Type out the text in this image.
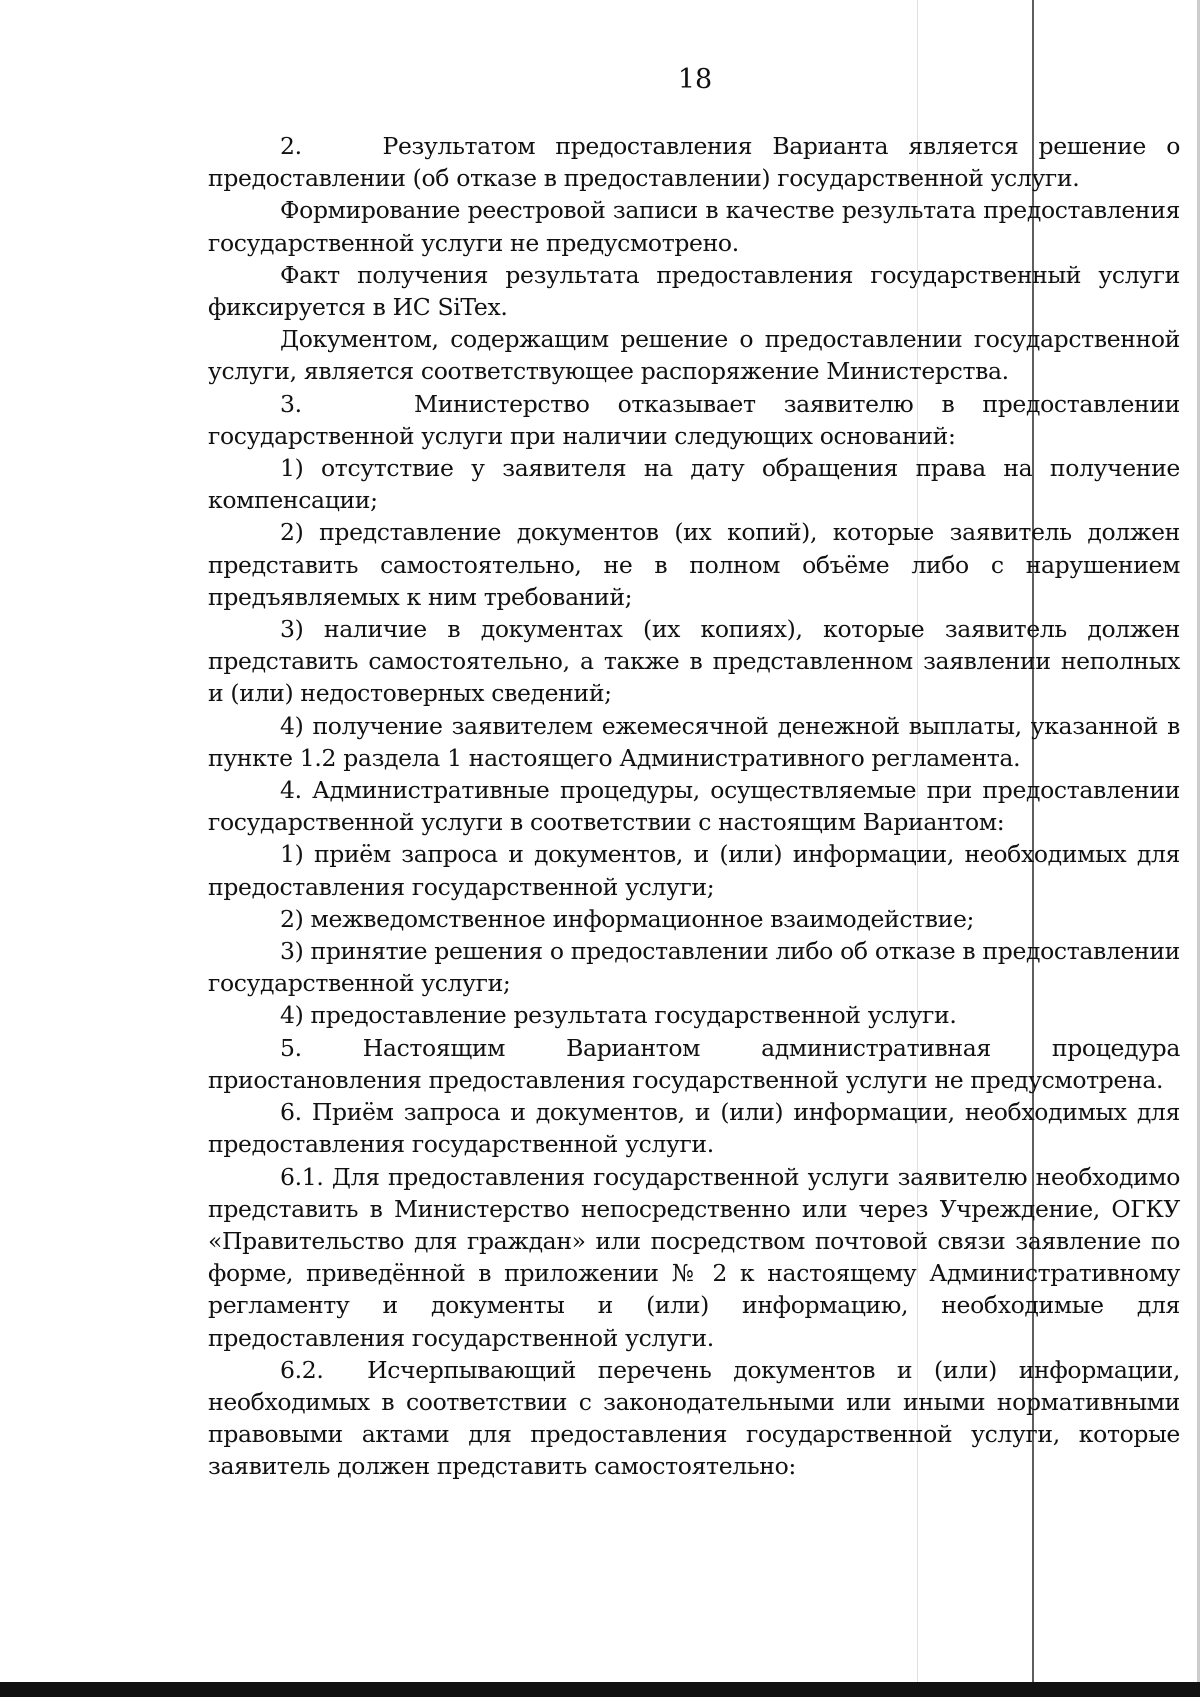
18

2.    Результатом предоставления Варианта является решение о предоставлении (об отказе в предоставлении) государственной услуги.

Формирование реестровой записи в качестве результата предоставления государственной услуги не предусмотрено.

Факт получения результата предоставления государственный услуги фиксируется в ИС SiTex.

Документом, содержащим решение о предоставлении государственной услуги, является соответствующее распоряжение Министерства.

3.    Министерство отказывает заявителю в предоставлении государственной услуги при наличии следующих оснований:

1) отсутствие у заявителя на дату обращения права на получение компенсации;

2) представление документов (их копий), которые заявитель должен представить самостоятельно, не в полном объёме либо с нарушением предъявляемых к ним требований;

3) наличие в документах (их копиях), которые заявитель должен представить самостоятельно, а также в представленном заявлении неполных и (или) недостоверных сведений;

4) получение заявителем ежемесячной денежной выплаты, указанной в пункте 1.2 раздела 1 настоящего Административного регламента.

4. Административные процедуры, осуществляемые при предоставлении государственной услуги в соответствии с настоящим Вариантом:

1) приём запроса и документов, и (или) информации, необходимых для предоставления государственной услуги;

2) межведомственное информационное взаимодействие;

3) принятие решения о предоставлении либо об отказе в предоставлении государственной услуги;

4) предоставление результата государственной услуги.

5. Настоящим Вариантом административная процедура приостановления предоставления государственной услуги не предусмотрена.

6. Приём запроса и документов, и (или) информации, необходимых для предоставления государственной услуги.

6.1. Для предоставления государственной услуги заявителю необходимо представить в Министерство непосредственно или через Учреждение, ОГКУ «Правительство для граждан» или посредством почтовой связи заявление по форме, приведённой в приложении № 2 к настоящему Административному регламенту и документы и (или) информацию, необходимые для предоставления государственной услуги.

6.2.  Исчерпывающий перечень документов и (или) информации, необходимых в соответствии с законодательными или иными нормативными правовыми актами для предоставления государственной услуги, которые заявитель должен представить самостоятельно:
